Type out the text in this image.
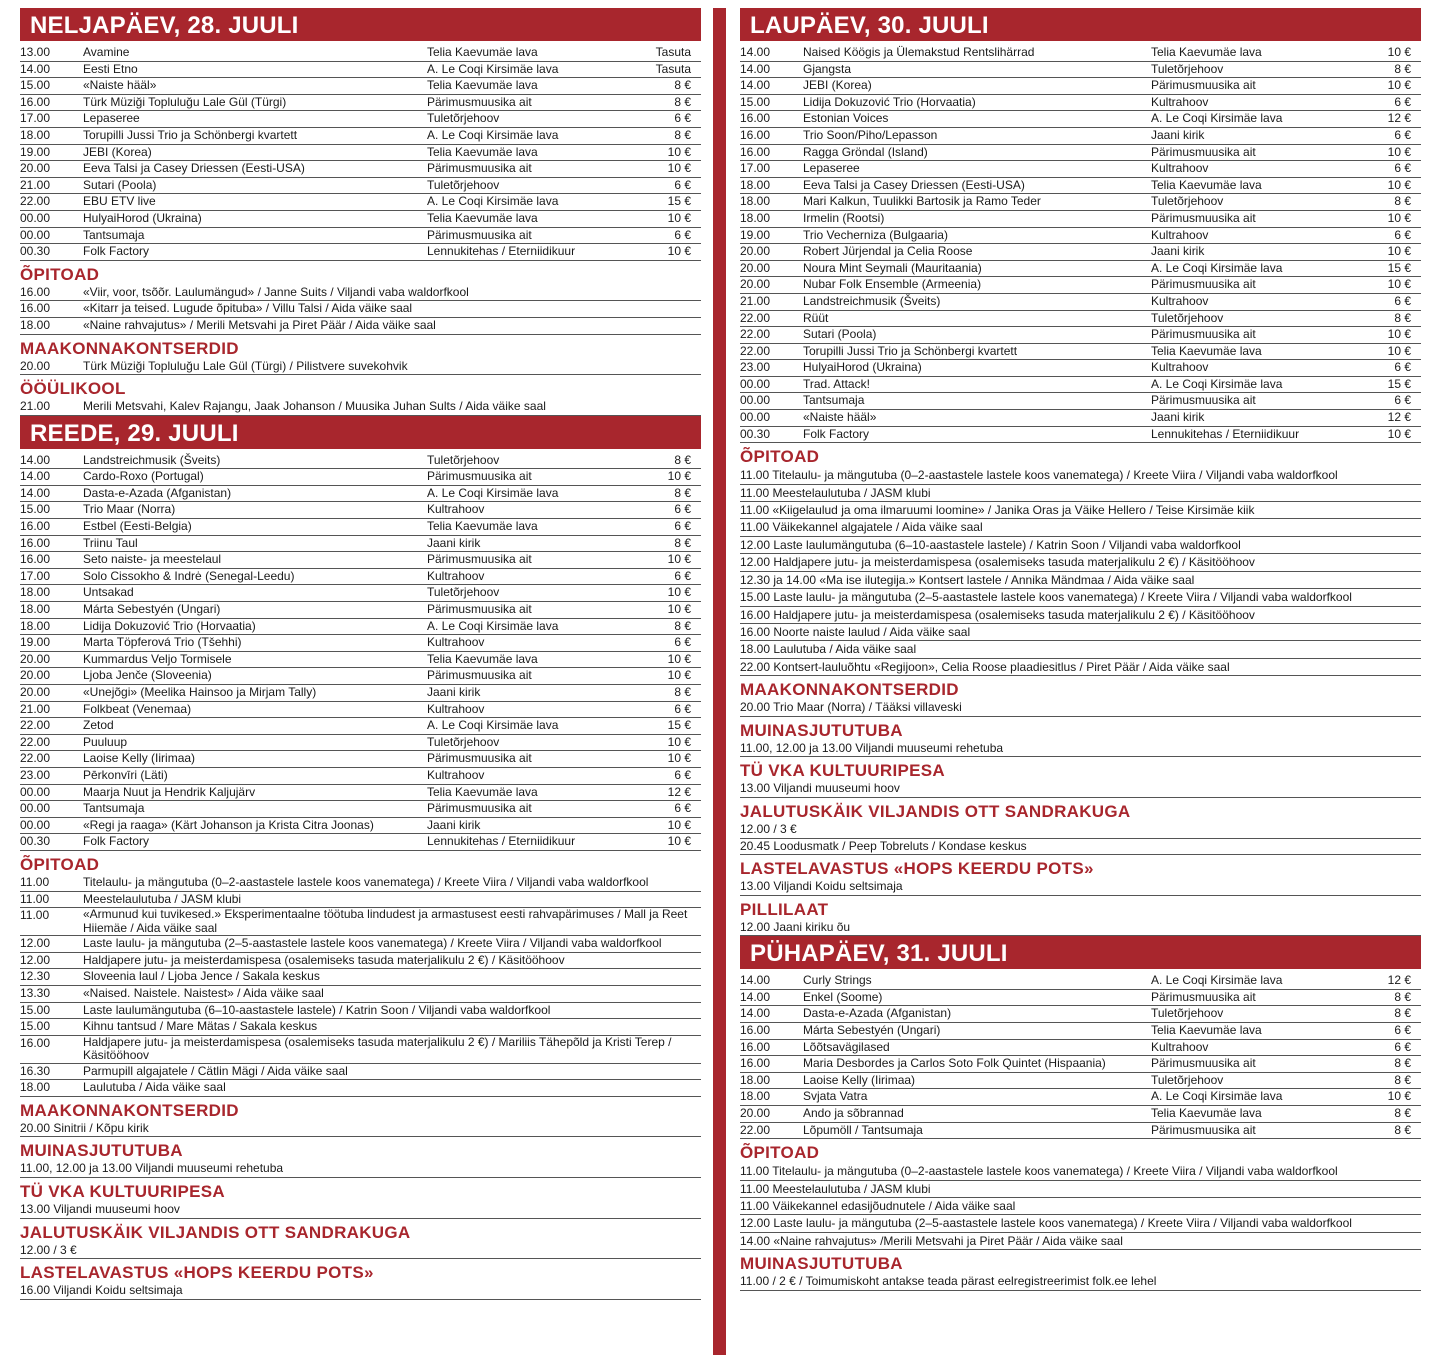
NELJAPÄEV, 28. JUULI
13.00	Avamine	Telia Kaevumäe lava	Tasuta
14.00	Eesti Etno	A. Le Coqi Kirsimäe lava	Tasuta
15.00	«Naiste hääl»	Telia Kaevumäe lava	8 €
16.00	Türk Müziği Topluluğu Lale Gül (Türgi)	Pärimusmuusika ait	8 €
17.00	Lepaseree	Tuletõrjehoov	6 €
18.00	Torupilli Jussi Trio ja Schönbergi kvartett	A. Le Coqi Kirsimäe lava	8 €
19.00	JEBI (Korea)	Telia Kaevumäe lava	10 €
20.00	Eeva Talsi ja Casey Driessen (Eesti-USA)	Pärimusmuusika ait	10 €
21.00	Sutari (Poola)	Tuletõrjehoov	6 €
22.00	EBU ETV live	A. Le Coqi Kirsimäe lava	15 €
00.00	HulyaiHorod (Ukraina)	Telia Kaevumäe lava	10 €
00.00	Tantsumaja	Pärimusmuusika ait	6 €
00.30	Folk Factory	Lennukitehas / Eterniidikuur	10 €
ÕPITOAD
16.00	«Viir, voor, tsõõr. Laulumängud» / Janne Suits / Viljandi vaba waldorfkool
16.00	«Kitarr ja teised. Lugude õpituba» / Villu Talsi / Aida väike saal
18.00	«Naine rahvajutus» / Merili Metsvahi ja Piret Päär / Aida väike saal
MAAKONNAKONTSERDID
20.00	Türk Müziği Topluluğu Lale Gül (Türgi) / Pilistvere suvekohvik
ÖÖÜLIKOOL
21.00	Merili Metsvahi, Kalev Rajangu, Jaak Johanson / Muusika Juhan Sults / Aida väike saal
REEDE, 29. JUULI
14.00	Landstreichmusik (Šveits)	Tuletõrjehoov	8 €
14.00	Cardo-Roxo (Portugal)	Pärimusmuusika ait	10 €
14.00	Dasta-e-Azada (Afganistan)	A. Le Coqi Kirsimäe lava	8 €
15.00	Trio Maar (Norra)	Kultrahoov	6 €
16.00	Estbel (Eesti-Belgia)	Telia Kaevumäe lava	6 €
16.00	Triinu Taul	Jaani kirik	8 €
16.00	Seto naiste- ja meestelaul	Pärimusmuusika ait	10 €
17.00	Solo Cissokho & Indrė (Senegal-Leedu)	Kultrahoov	6 €
18.00	Untsakad	Tuletõrjehoov	10 €
18.00	Márta Sebestyén (Ungari)	Pärimusmuusika ait	10 €
18.00	Lidija Dokuzović Trio (Horvaatia)	A. Le Coqi Kirsimäe lava	8 €
19.00	Marta Töpferová Trio (Tšehhi)	Kultrahoov	6 €
20.00	Kummardus Veljo Tormisele	Telia Kaevumäe lava	10 €
20.00	Ljoba Jenče (Sloveenia)	Pärimusmuusika ait	10 €
20.00	«Unejõgi» (Meelika Hainsoo ja Mirjam Tally)	Jaani kirik	8 €
21.00	Folkbeat (Venemaa)	Kultrahoov	6 €
22.00	Zetod	A. Le Coqi Kirsimäe lava	15 €
22.00	Puuluup	Tuletõrjehoov	10 €
22.00	Laoise Kelly (Iirimaa)	Pärimusmuusika ait	10 €
23.00	Pērkonvīri (Läti)	Kultrahoov	6 €
00.00	Maarja Nuut ja Hendrik Kaljujärv	Telia Kaevumäe lava	12 €
00.00	Tantsumaja	Pärimusmuusika ait	6 €
00.00	«Regi ja raaga» (Kärt Johanson ja Krista Citra Joonas)	Jaani kirik	10 €
00.30	Folk Factory	Lennukitehas / Eterniidikuur	10 €
ÕPITOAD
11.00	Titelaulu- ja mängutuba (0–2-aastastele lastele koos vanematega) / Kreete Viira / Viljandi vaba waldorfkool
11.00	Meestelaulutuba / JASM klubi
11.00	«Armunud kui tuvikesed.» Eksperimentaalne töötuba lindudest ja armastusest eesti rahvapärimuses / Mall ja Reet Hiiemäe / Aida väike saal
12.00	Laste laulu- ja mängutuba (2–5-aastastele lastele koos vanematega) / Kreete Viira / Viljandi vaba waldorfkool
12.00	Haldjapere jutu- ja meisterdamispesa (osalemiseks tasuda materjalikulu 2 €) / Käsitööhoov
12.30	Sloveenia laul / Ljoba Jence / Sakala keskus
13.30	«Naised. Naistele. Naistest» / Aida väike saal
15.00	Laste laulumängutuba (6–10-aastastele lastele) / Katrin Soon / Viljandi vaba waldorfkool
15.00	Kihnu tantsud / Mare Mätas / Sakala keskus
16.00	Haldjapere jutu- ja meisterdamispesa (osalemiseks tasuda materjalikulu 2 €) / Mariliis Tähepõld ja Kristi Terep / Käsitööhoov
16.30	Parmupill algajatele / Cätlin Mägi / Aida väike saal
18.00	Laulutuba / Aida väike saal
MAAKONNAKONTSERDID
20.00 Sinitrii / Kõpu kirik
MUINASJUTUTUBA
11.00, 12.00 ja 13.00 Viljandi muuseumi rehetuba
TÜ VKA KULTUURIPESA
13.00 Viljandi muuseumi hoov
JALUTUSKÄIK VILJANDIS OTT SANDRAKUGA
12.00 / 3 €
LASTELAVASTUS «HOPS KEERDU POTS»
16.00 Viljandi Koidu seltsimaja
LAUPÄEV, 30. JUULI
14.00	Naised Köögis ja Ülemakstud Rentslihärrad	Telia Kaevumäe lava	10 €
14.00	Gjangsta	Tuletõrjehoov	8 €
14.00	JEBI (Korea)	Pärimusmuusika ait	10 €
15.00	Lidija Dokuzović Trio (Horvaatia)	Kultrahoov	6 €
16.00	Estonian Voices	A. Le Coqi Kirsimäe lava	12 €
16.00	Trio Soon/Piho/Lepasson	Jaani kirik	6 €
16.00	Ragga Gröndal (Island)	Pärimusmuusika ait	10 €
17.00	Lepaseree	Kultrahoov	6 €
18.00	Eeva Talsi ja Casey Driessen (Eesti-USA)	Telia Kaevumäe lava	10 €
18.00	Mari Kalkun, Tuulikki Bartosik ja Ramo Teder	Tuletõrjehoov	8 €
18.00	Irmelin (Rootsi)	Pärimusmuusika ait	10 €
19.00	Trio Vecherniza (Bulgaaria)	Kultrahoov	6 €
20.00	Robert Jürjendal ja Celia Roose	Jaani kirik	10 €
20.00	Noura Mint Seymali (Mauritaania)	A. Le Coqi Kirsimäe lava	15 €
20.00	Nubar Folk Ensemble (Armeenia)	Pärimusmuusika ait	10 €
21.00	Landstreichmusik (Šveits)	Kultrahoov	6 €
22.00	Rüüt	Tuletõrjehoov	8 €
22.00	Sutari (Poola)	Pärimusmuusika ait	10 €
22.00	Torupilli Jussi Trio ja Schönbergi kvartett	Telia Kaevumäe lava	10 €
23.00	HulyaiHorod (Ukraina)	Kultrahoov	6 €
00.00	Trad. Attack!	A. Le Coqi Kirsimäe lava	15 €
00.00	Tantsumaja	Pärimusmuusika ait	6 €
00.00	«Naiste hääl»	Jaani kirik	12 €
00.30	Folk Factory	Lennukitehas / Eterniidikuur	10 €
ÕPITOAD
11.00 Titelaulu- ja mängutuba (0–2-aastastele lastele koos vanematega) / Kreete Viira / Viljandi vaba waldorfkool
11.00 Meestelaulutuba / JASM klubi
11.00 «Kiigelaulud ja oma ilmaruumi loomine» / Janika Oras ja Väike Hellero / Teise Kirsimäe kiik
11.00 Väikekannel algajatele / Aida väike saal
12.00 Laste laulumängutuba (6–10-aastastele lastele) / Katrin Soon / Viljandi vaba waldorfkool
12.00 Haldjapere jutu- ja meisterdamispesa (osalemiseks tasuda materjalikulu 2 €) / Käsitööhoov
12.30 ja 14.00 «Ma ise ilutegija.» Kontsert lastele / Annika Mändmaa / Aida väike saal
15.00 Laste laulu- ja mängutuba (2–5-aastastele lastele koos vanematega) / Kreete Viira / Viljandi vaba waldorfkool
16.00 Haldjapere jutu- ja meisterdamispesa (osalemiseks tasuda materjalikulu 2 €) / Käsitööhoov
16.00 Noorte naiste laulud / Aida väike saal
18.00 Laulutuba / Aida väike saal
22.00 Kontsert-lauluõhtu «Regijoon», Celia Roose plaadiesitlus / Piret Päär / Aida väike saal
MAAKONNAKONTSERDID
20.00 Trio Maar (Norra) / Tääksi villaveski
MUINASJUTUTUBA
11.00, 12.00 ja 13.00 Viljandi muuseumi rehetuba
TÜ VKA KULTUURIPESA
13.00 Viljandi muuseumi hoov
JALUTUSKÄIK VILJANDIS OTT SANDRAKUGA
12.00 / 3 €
20.45 Loodusmatk / Peep Tobreluts / Kondase keskus
LASTELAVASTUS «HOPS KEERDU POTS»
13.00 Viljandi Koidu seltsimaja
PILLILAAT
12.00 Jaani kiriku õu
PÜHAPÄEV, 31. JUULI
14.00	Curly Strings	A. Le Coqi Kirsimäe lava	12 €
14.00	Enkel (Soome)	Pärimusmuusika ait	8 €
14.00	Dasta-e-Azada (Afganistan)	Tuletõrjehoov	8 €
16.00	Márta Sebestyén (Ungari)	Telia Kaevumäe lava	6 €
16.00	Lõõtsavägilased	Kultrahoov	6 €
16.00	Maria Desbordes ja Carlos Soto Folk Quintet (Hispaania)	Pärimusmuusika ait	8 €
18.00	Laoise Kelly (Iirimaa)	Tuletõrjehoov	8 €
18.00	Svjata Vatra	A. Le Coqi Kirsimäe lava	10 €
20.00	Ando ja sõbrannad	Telia Kaevumäe lava	8 €
22.00	Lõpumöll / Tantsumaja	Pärimusmuusika ait	8 €
ÕPITOAD
11.00 Titelaulu- ja mängutuba (0–2-aastastele lastele koos vanematega) / Kreete Viira / Viljandi vaba waldorfkool
11.00 Meestelaulutuba / JASM klubi
11.00 Väikekannel edasijõudnutele / Aida väike saal
12.00 Laste laulu- ja mängutuba (2–5-aastastele lastele koos vanematega) / Kreete Viira / Viljandi vaba waldorfkool
14.00 «Naine rahvajutus» /Merili Metsvahi ja Piret Päär / Aida väike saal
MUINASJUTUTUBA
11.00 / 2 € / Toimumiskoht antakse teada pärast eelregistreerimist folk.ee lehel
